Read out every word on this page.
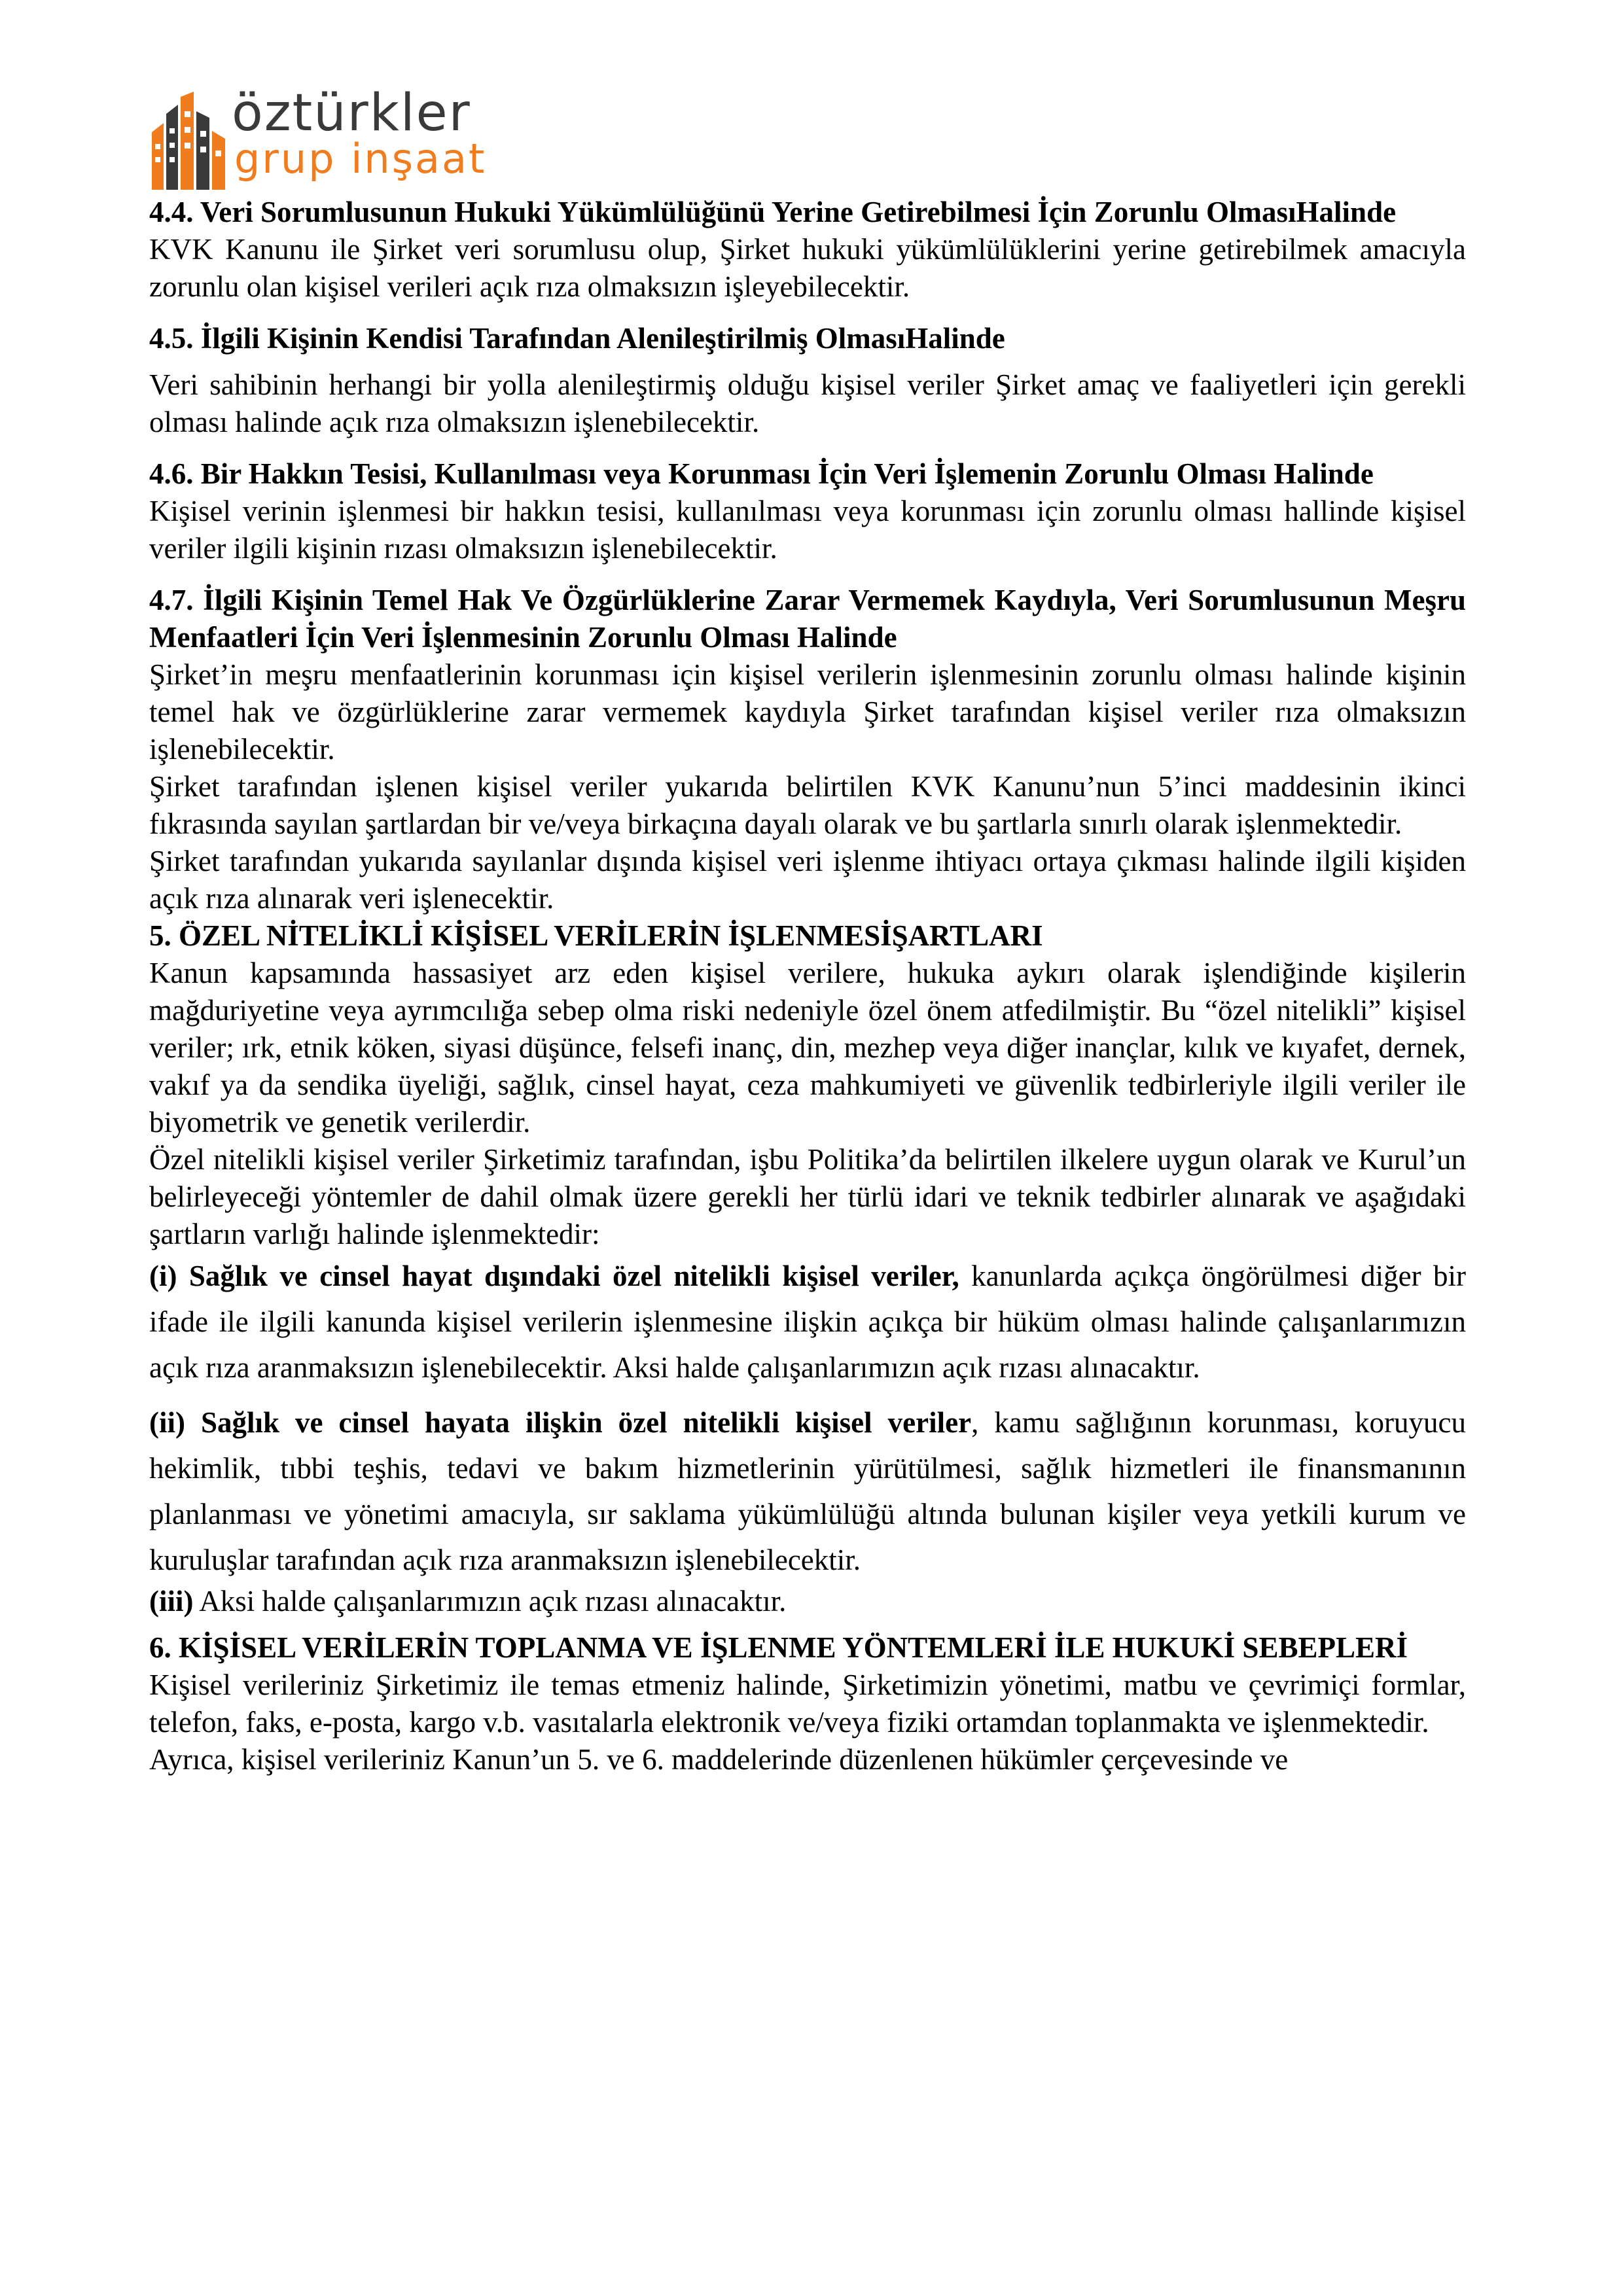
öztürkler
grup inşaat

4.4. Veri Sorumlusunun Hukuki Yükümlülüğünü Yerine Getirebilmesi İçin Zorunlu OlmasıHalinde

KVK Kanunu ile Şirket veri sorumlusu olup, Şirket hukuki yükümlülüklerini yerine getirebilmek amacıyla zorunlu olan kişisel verileri açık rıza olmaksızın işleyebilecektir.

4.5. İlgili Kişinin Kendisi Tarafından Alenileştirilmiş OlmasıHalinde

Veri sahibinin herhangi bir yolla alenileştirmiş olduğu kişisel veriler Şirket amaç ve faaliyetleri için gerekli olması halinde açık rıza olmaksızın işlenebilecektir.

4.6. Bir Hakkın Tesisi, Kullanılması veya Korunması İçin Veri İşlemenin Zorunlu Olması Halinde

Kişisel verinin işlenmesi bir hakkın tesisi, kullanılması veya korunması için zorunlu olması hallinde kişisel veriler ilgili kişinin rızası olmaksızın işlenebilecektir.

4.7. İlgili Kişinin Temel Hak Ve Özgürlüklerine Zarar Vermemek Kaydıyla, Veri Sorumlusunun Meşru Menfaatleri İçin Veri İşlenmesinin Zorunlu Olması Halinde

Şirket’in meşru menfaatlerinin korunması için kişisel verilerin işlenmesinin zorunlu olması halinde kişinin temel hak ve özgürlüklerine zarar vermemek kaydıyla Şirket tarafından kişisel veriler rıza olmaksızın işlenebilecektir.

Şirket tarafından işlenen kişisel veriler yukarıda belirtilen KVK Kanunu’nun 5’inci maddesinin ikinci fıkrasında sayılan şartlardan bir ve/veya birkaçına dayalı olarak ve bu şartlarla sınırlı olarak işlenmektedir.

Şirket tarafından yukarıda sayılanlar dışında kişisel veri işlenme ihtiyacı ortaya çıkması halinde ilgili kişiden açık rıza alınarak veri işlenecektir.

5. ÖZEL NİTELİKLİ KİŞİSEL VERİLERİN İŞLENMESİŞARTLARI

Kanun kapsamında hassasiyet arz eden kişisel verilere, hukuka aykırı olarak işlendiğinde kişilerin mağduriyetine veya ayrımcılığa sebep olma riski nedeniyle özel önem atfedilmiştir. Bu “özel nitelikli” kişisel veriler; ırk, etnik köken, siyasi düşünce, felsefi inanç, din, mezhep veya diğer inançlar, kılık ve kıyafet, dernek, vakıf ya da sendika üyeliği, sağlık, cinsel hayat, ceza mahkumiyeti ve güvenlik tedbirleriyle ilgili veriler ile biyometrik ve genetik verilerdir.

Özel nitelikli kişisel veriler Şirketimiz tarafından, işbu Politika’da belirtilen ilkelere uygun olarak ve Kurul’un belirleyeceği yöntemler de dahil olmak üzere gerekli her türlü idari ve teknik tedbirler alınarak ve aşağıdaki şartların varlığı halinde işlenmektedir:

(i) Sağlık ve cinsel hayat dışındaki özel nitelikli kişisel veriler, kanunlarda açıkça öngörülmesi diğer bir ifade ile ilgili kanunda kişisel verilerin işlenmesine ilişkin açıkça bir hüküm olması halinde çalışanlarımızın açık rıza aranmaksızın işlenebilecektir. Aksi halde çalışanlarımızın açık rızası alınacaktır.

(ii) Sağlık ve cinsel hayata ilişkin özel nitelikli kişisel veriler, kamu sağlığının korunması, koruyucu hekimlik, tıbbi teşhis, tedavi ve bakım hizmetlerinin yürütülmesi, sağlık hizmetleri ile finansmanının planlanması ve yönetimi amacıyla, sır saklama yükümlülüğü altında bulunan kişiler veya yetkili kurum ve kuruluşlar tarafından açık rıza aranmaksızın işlenebilecektir.

(iii) Aksi halde çalışanlarımızın açık rızası alınacaktır.

6. KİŞİSEL VERİLERİN TOPLANMA VE İŞLENME YÖNTEMLERİ İLE HUKUKİ SEBEPLERİ

Kişisel verileriniz Şirketimiz ile temas etmeniz halinde, Şirketimizin yönetimi, matbu ve çevrimiçi formlar, telefon, faks, e-posta, kargo v.b. vasıtalarla elektronik ve/veya fiziki ortamdan toplanmakta ve işlenmektedir.

Ayrıca, kişisel verileriniz Kanun’un 5. ve 6. maddelerinde düzenlenen hükümler çerçevesinde ve
